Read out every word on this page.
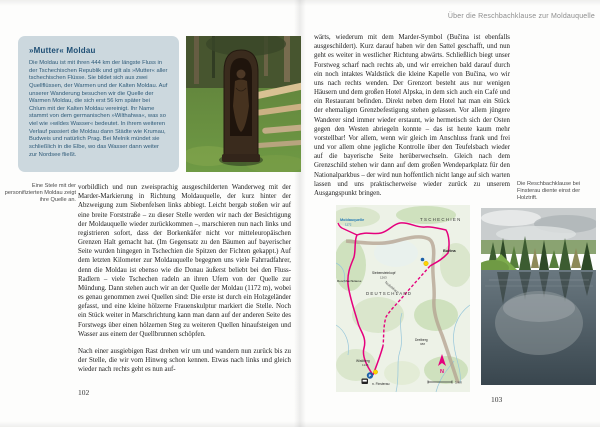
»Mutter« Moldau
Die Moldau ist mit ihren 444 km der längste Fluss in der Tschechischen Republik und gilt als »Mutter« aller tschechischen Flüsse. Sie bildet sich aus zwei Quellflüssen, der Warmen und der Kalten Moldau. Auf unserer Wanderung besuchen wir die Quelle der Warmen Moldau, die sich erst 56 km später bei Chlum mit der Kalten Moldau vereinigt. Ihr Name stammt von dem germanischen »Wilthahwa«, was so viel wie »wildes Wasser« bedeutet. In ihrem weiteren Verlauf passiert die Moldau dann Städte wie Krumau, Budweis und natürlich Prag. Bei Melnik mündet sie schließlich in die Elbe, wo das Wasser dann weiter zur Nordsee fließt.
Eine Stele mit der personifizierten Moldau zeigt ihre Quelle an.

vorbildlich und nun zweisprachig ausgeschilderten Wanderweg mit der Marder-Markierung in Richtung Moldauquelle, der kurz hinter der Abzweigung zum Siebenfelsen links abbiegt. Leicht bergab stoßen wir auf eine breite Forststraße – zu dieser Stelle werden wir nach der Besichtigung der Moldauquelle wieder zurückkommen –, marschieren nun nach links und registrieren sofort, dass der Borkenkäfer nicht vor mitteleuropäischen Grenzen Halt gemacht hat. (Im Gegensatz zu den Bäumen auf bayerischer Seite wurden hingegen in Tschechien die Spitzen der Fichten gekappt.) Auf dem letzten Kilometer zur Moldauquelle begegnen uns viele Fahrradfahrer, denn die Moldau ist ebenso wie die Donau äußerst beliebt bei den Fluss-Radlern – viele Tschechen radeln an ihren Ufern von der Quelle zur Mündung. Dann stehen auch wir an der Quelle der Moldau (1172 m), wobei es genau genommen zwei Quellen sind: Die erste ist durch ein Holzgeländer gefasst, und eine kleine hölzerne Frauenskulptur markiert die Stelle. Noch ein Stück weiter in Marschrichtung kann man dann auf der anderen Seite des Forstwegs über einen hölzernen Steg zu weiteren Quellen hinaufsteigen und Wasser aus einem der Quellbrunnen schöpfen.

Nach einer ausgiebigen Rast drehen wir um und wandern nun zurück bis zu der Stelle, die wir vom Hinweg schon kennen. Etwas nach links und gleich wieder nach rechts geht es nun auf-

102
Über die Reschbachklause zur Moldauquelle

wärts, wiederum mit dem Marder-Symbol (Bučina ist ebenfalls ausgeschildert). Kurz darauf haben wir den Sattel geschafft, und nun geht es weiter in westlicher Richtung abwärts. Schließlich biegt unser Forstweg scharf nach rechts ab, und wir erreichen bald darauf durch ein noch intaktes Waldstück die kleine Kapelle von Bučina, wo wir uns nach rechts wenden. Der Grenzort besteht aus nur wenigen Häusern und dem großen Hotel Alpska, in dem sich auch ein Café und ein Restaurant befinden. Direkt neben dem Hotel hat man ein Stück der ehemaligen Grenzbefestigung stehen gelassen. Vor allem jüngere Wanderer sind immer wieder erstaunt, wie hermetisch sich der Osten gegen den Westen abriegeln konnte – das ist heute kaum mehr vorstellbar! Vor allem, wenn wir gleich im Anschluss frank und frei und vor allem ohne jegliche Kontrolle über den Teufelsbach wieder auf die bayerische Seite herüberwechseln. Gleich nach dem Grenzschild stehen wir dann auf dem großen Wendeparkplatz für den Nationalparkbus – der wird nun hoffentlich nicht lange auf sich warten lassen und uns praktischerweise wieder zurück zu unserem Ausgangspunkt bringen.

Die Reschbachklause bei Finsterau diente einst der Holztrift.
P
Moldauquelle
1172
TSCHECHIEN
Bučina
DEUTSCHLAND
Siebensteinkopf
1263
Reschbachklause	Teufelsbach
Wistlberg
1135
Dreiberg
988
n. Finsterau
N
1 km
103
